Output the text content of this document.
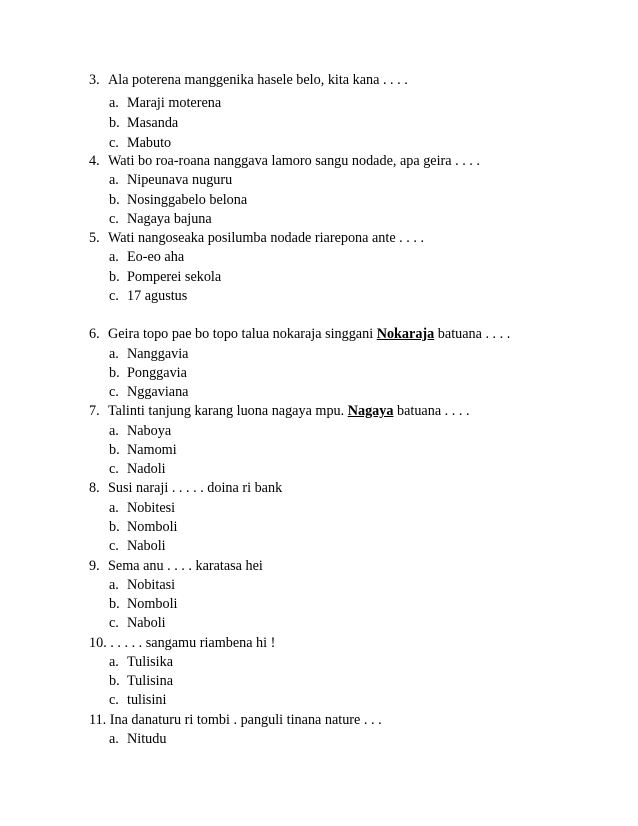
3. Ala poterena manggenika hasele belo, kita kana . . . .
a. Maraji moterena
b. Masanda
c. Mabuto
4. Wati bo roa-roana nanggava lamoro sangu nodade, apa geira . . . .
a. Nipeunava nuguru
b. Nosinggabelo belona
c. Nagaya bajuna
5. Wati nangoseaka posilumba nodade riarepona ante . . . .
a. Eo-eo aha
b. Pomperei sekola
c. 17 agustus
6. Geira topo pae bo topo talua nokaraja singgani Nokaraja batuana . . . .
a. Nanggavia
b. Ponggavia
c. Nggaviana
7. Talinti tanjung karang luona nagaya mpu. Nagaya batuana . . . .
a. Naboya
b. Namomi
c. Nadoli
8. Susi naraji . . . . . doina ri bank
a. Nobitesi
b. Nomboli
c. Naboli
9. Sema anu . . . . karatasa hei
a. Nobitasi
b. Nomboli
c. Naboli
10. . . . . . sangamu riambena hi !
a. Tulisika
b. Tulisina
c. tulisini
11. Ina danaturu ri tombi . panguli tinana nature . . .
a. Nitudu
